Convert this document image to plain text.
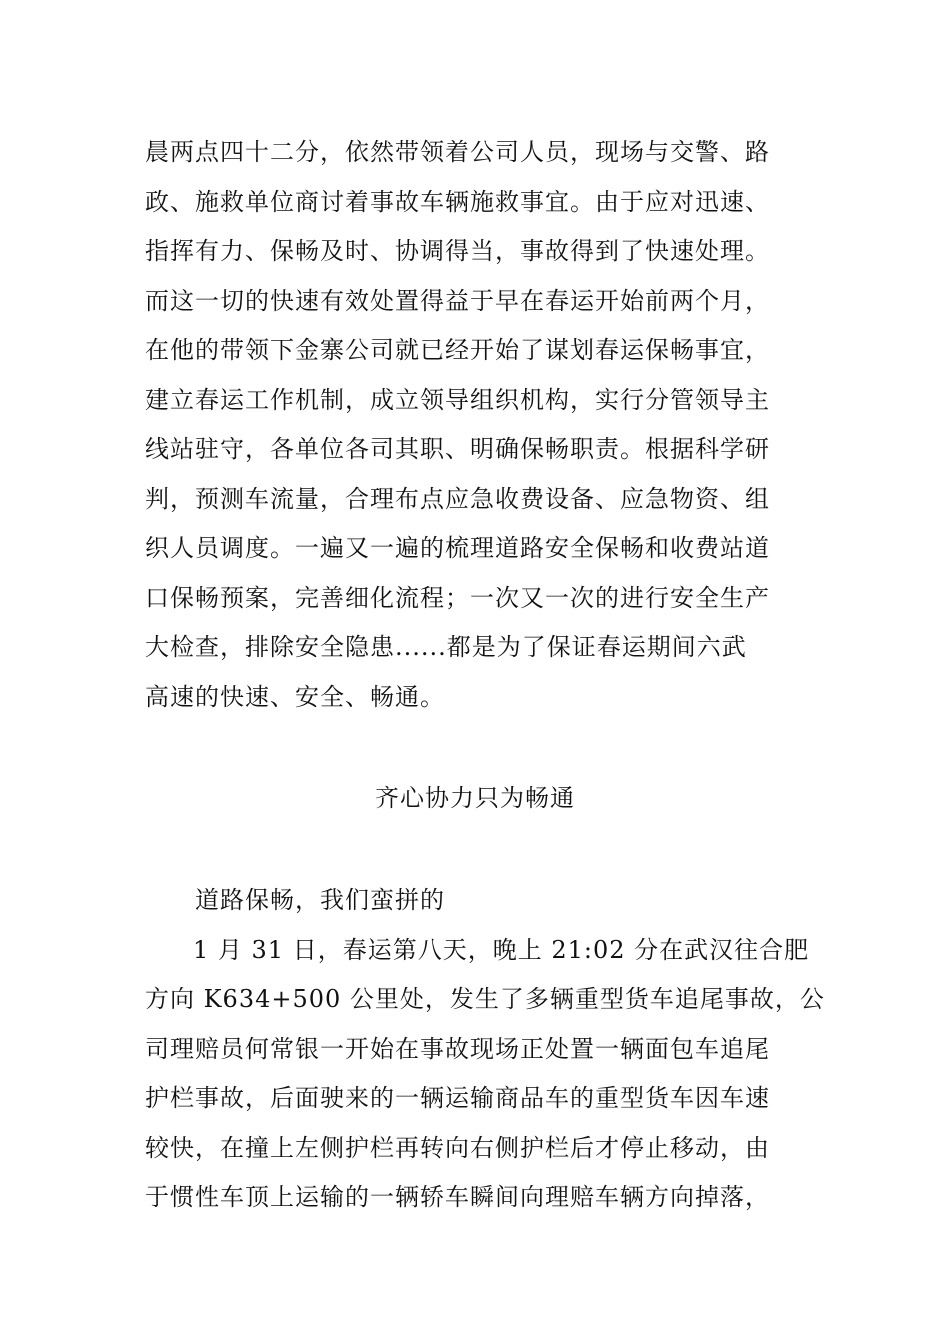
晨两点四十二分，依然带领着公司人员，现场与交警、路
政、施救单位商讨着事故车辆施救事宜。由于应对迅速、
指挥有力、保畅及时、协调得当，事故得到了快速处理。
而这一切的快速有效处置得益于早在春运开始前两个月，
在他的带领下金寨公司就已经开始了谋划春运保畅事宜，
建立春运工作机制，成立领导组织机构，实行分管领导主
线站驻守，各单位各司其职、明确保畅职责。根据科学研
判，预测车流量，合理布点应急收费设备、应急物资、组
织人员调度。一遍又一遍的梳理道路安全保畅和收费站道
口保畅预案，完善细化流程；一次又一次的进行安全生产
大检查，排除安全隐患......都是为了保证春运期间六武
高速的快速、安全、畅通。

齐心协力只为畅通

道路保畅，我们蛮拼的
1 月 31 日，春运第八天，晚上 21:02 分在武汉往合肥
方向 K634+500 公里处，发生了多辆重型货车追尾事故，公
司理赔员何常银一开始在事故现场正处置一辆面包车追尾
护栏事故，后面驶来的一辆运输商品车的重型货车因车速
较快，在撞上左侧护栏再转向右侧护栏后才停止移动，由
于惯性车顶上运输的一辆轿车瞬间向理赔车辆方向掉落，
